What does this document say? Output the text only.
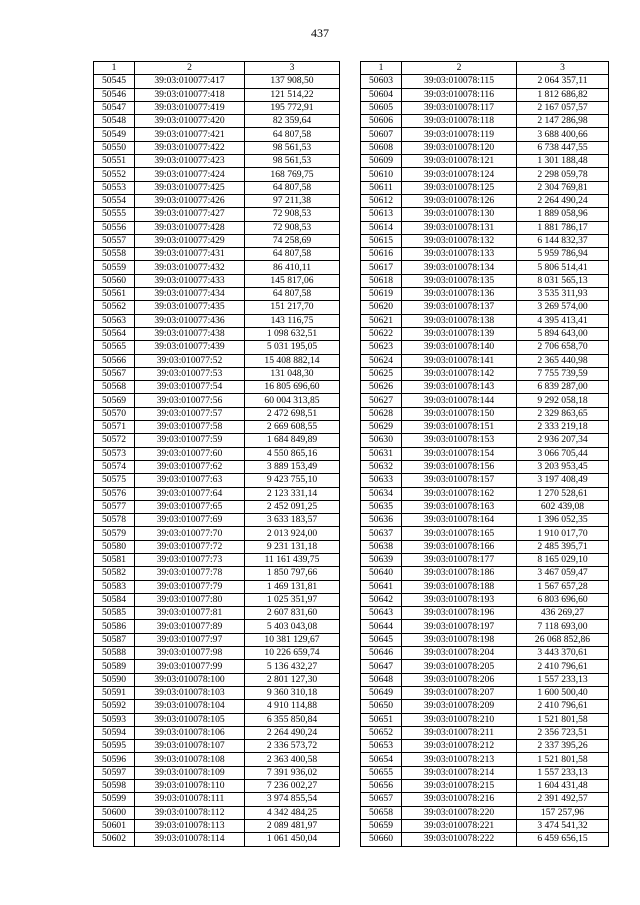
437
1	2	3
50545	39:03:010077:417	137 908,50
50546	39:03:010077:418	121 514,22
50547	39:03:010077:419	195 772,91
50548	39:03:010077:420	82 359,64
50549	39:03:010077:421	64 807,58
50550	39:03:010077:422	98 561,53
50551	39:03:010077:423	98 561,53
50552	39:03:010077:424	168 769,75
50553	39:03:010077:425	64 807,58
50554	39:03:010077:426	97 211,38
50555	39:03:010077:427	72 908,53
50556	39:03:010077:428	72 908,53
50557	39:03:010077:429	74 258,69
50558	39:03:010077:431	64 807,58
50559	39:03:010077:432	86 410,11
50560	39:03:010077:433	145 817,06
50561	39:03:010077:434	64 807,58
50562	39:03:010077:435	151 217,70
50563	39:03:010077:436	143 116,75
50564	39:03:010077:438	1 098 632,51
50565	39:03:010077:439	5 031 195,05
50566	39:03:010077:52	15 408 882,14
50567	39:03:010077:53	131 048,30
50568	39:03:010077:54	16 805 696,60
50569	39:03:010077:56	60 004 313,85
50570	39:03:010077:57	2 472 698,51
50571	39:03:010077:58	2 669 608,55
50572	39:03:010077:59	1 684 849,89
50573	39:03:010077:60	4 550 865,16
50574	39:03:010077:62	3 889 153,49
50575	39:03:010077:63	9 423 755,10
50576	39:03:010077:64	2 123 331,14
50577	39:03:010077:65	2 452 091,25
50578	39:03:010077:69	3 633 183,57
50579	39:03:010077:70	2 013 924,00
50580	39:03:010077:72	9 231 131,18
50581	39:03:010077:73	11 161 439,75
50582	39:03:010077:78	1 850 797,66
50583	39:03:010077:79	1 469 131,81
50584	39:03:010077:80	1 025 351,97
50585	39:03:010077:81	2 607 831,60
50586	39:03:010077:89	5 403 043,08
50587	39:03:010077:97	10 381 129,67
50588	39:03:010077:98	10 226 659,74
50589	39:03:010077:99	5 136 432,27
50590	39:03:010078:100	2 801 127,30
50591	39:03:010078:103	9 360 310,18
50592	39:03:010078:104	4 910 114,88
50593	39:03:010078:105	6 355 850,84
50594	39:03:010078:106	2 264 490,24
50595	39:03:010078:107	2 336 573,72
50596	39:03:010078:108	2 363 400,58
50597	39:03:010078:109	7 391 936,02
50598	39:03:010078:110	7 236 002,27
50599	39:03:010078:111	3 974 855,54
50600	39:03:010078:112	4 342 484,25
50601	39:03:010078:113	2 089 481,97
50602	39:03:010078:114	1 061 450,04
1	2	3
50603	39:03:010078:115	2 064 357,11
50604	39:03:010078:116	1 812 686,82
50605	39:03:010078:117	2 167 057,57
50606	39:03:010078:118	2 147 286,98
50607	39:03:010078:119	3 688 400,66
50608	39:03:010078:120	6 738 447,55
50609	39:03:010078:121	1 301 188,48
50610	39:03:010078:124	2 298 059,78
50611	39:03:010078:125	2 304 769,81
50612	39:03:010078:126	2 264 490,24
50613	39:03:010078:130	1 889 058,96
50614	39:03:010078:131	1 881 786,17
50615	39:03:010078:132	6 144 832,37
50616	39:03:010078:133	5 959 786,94
50617	39:03:010078:134	5 806 514,41
50618	39:03:010078:135	8 031 565,13
50619	39:03:010078:136	3 535 311,93
50620	39:03:010078:137	3 269 574,00
50621	39:03:010078:138	4 395 413,41
50622	39:03:010078:139	5 894 643,00
50623	39:03:010078:140	2 706 658,70
50624	39:03:010078:141	2 365 440,98
50625	39:03:010078:142	7 755 739,59
50626	39:03:010078:143	6 839 287,00
50627	39:03:010078:144	9 292 058,18
50628	39:03:010078:150	2 329 863,65
50629	39:03:010078:151	2 333 219,18
50630	39:03:010078:153	2 936 207,34
50631	39:03:010078:154	3 066 705,44
50632	39:03:010078:156	3 203 953,45
50633	39:03:010078:157	3 197 408,49
50634	39:03:010078:162	1 270 528,61
50635	39:03:010078:163	602 439,08
50636	39:03:010078:164	1 396 052,35
50637	39:03:010078:165	1 910 017,70
50638	39:03:010078:166	2 485 395,71
50639	39:03:010078:177	8 165 029,10
50640	39:03:010078:186	3 467 059,47
50641	39:03:010078:188	1 567 657,28
50642	39:03:010078:193	6 803 696,60
50643	39:03:010078:196	436 269,27
50644	39:03:010078:197	7 118 693,00
50645	39:03:010078:198	26 068 852,86
50646	39:03:010078:204	3 443 370,61
50647	39:03:010078:205	2 410 796,61
50648	39:03:010078:206	1 557 233,13
50649	39:03:010078:207	1 600 500,40
50650	39:03:010078:209	2 410 796,61
50651	39:03:010078:210	1 521 801,58
50652	39:03:010078:211	2 356 723,51
50653	39:03:010078:212	2 337 395,26
50654	39:03:010078:213	1 521 801,58
50655	39:03:010078:214	1 557 233,13
50656	39:03:010078:215	1 604 431,48
50657	39:03:010078:216	2 391 492,57
50658	39:03:010078:220	157 257,96
50659	39:03:010078:221	3 474 541,32
50660	39:03:010078:222	6 459 656,15
